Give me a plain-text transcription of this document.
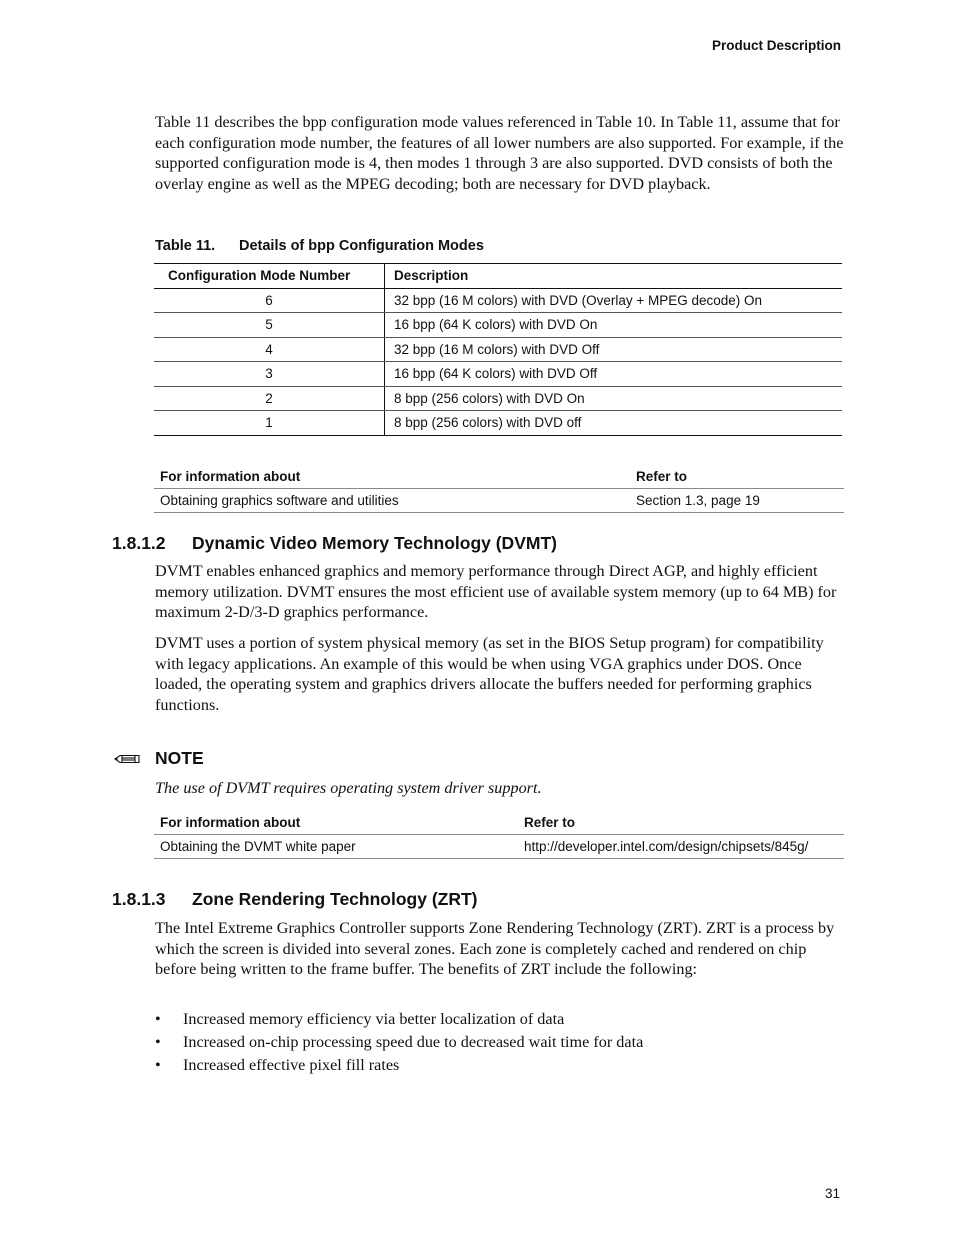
Product Description

Table 11 describes the bpp configuration mode values referenced in Table 10. In Table 11, assume that for each configuration mode number, the features of all lower numbers are also supported. For example, if the supported configuration mode is 4, then modes 1 through 3 are also supported. DVD consists of both the overlay engine as well as the MPEG decoding; both are necessary for DVD playback.

Table 11. Details of bpp Configuration Modes
Configuration Mode Number	Description
6	32 bpp (16 M colors) with DVD (Overlay + MPEG decode) On
5	16 bpp (64 K colors) with DVD On
4	32 bpp (16 M colors) with DVD Off
3	16 bpp (64 K colors) with DVD Off
2	8 bpp (256 colors) with DVD On
1	8 bpp (256 colors) with DVD off
For information about	Refer to
Obtaining graphics software and utilities	Section 1.3, page 19
1.8.1.2 Dynamic Video Memory Technology (DVMT)

DVMT enables enhanced graphics and memory performance through Direct AGP, and highly efficient memory utilization. DVMT ensures the most efficient use of available system memory (up to 64 MB) for maximum 2-D/3-D graphics performance.

DVMT uses a portion of system physical memory (as set in the BIOS Setup program) for compatibility with legacy applications. An example of this would be when using VGA graphics under DOS. Once loaded, the operating system and graphics drivers allocate the buffers needed for performing graphics functions.

NOTE
The use of DVMT requires operating system driver support.
For information about	Refer to
Obtaining the DVMT white paper	http://developer.intel.com/design/chipsets/845g/
1.8.1.3 Zone Rendering Technology (ZRT)

The Intel Extreme Graphics Controller supports Zone Rendering Technology (ZRT). ZRT is a process by which the screen is divided into several zones. Each zone is completely cached and rendered on chip before being written to the frame buffer. The benefits of ZRT include the following:

•	Increased memory efficiency via better localization of data
•	Increased on-chip processing speed due to decreased wait time for data
•	Increased effective pixel fill rates
31
